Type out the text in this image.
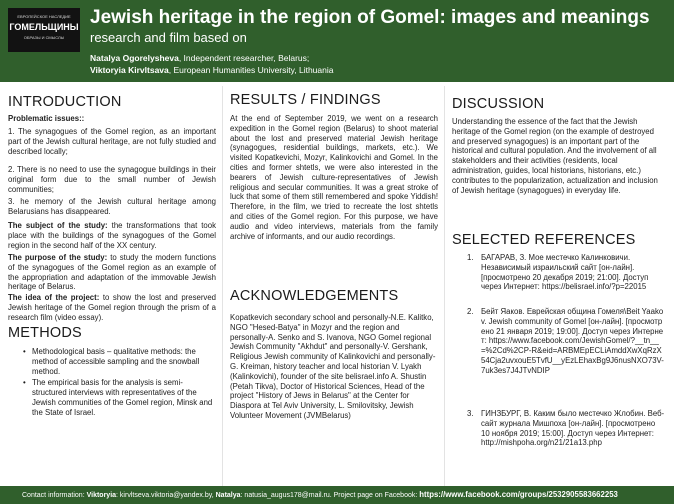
ЕВРОПЕЙСКОЕ НАСЛЕДИЕ
ГОМЕЛЬЩИНЫ
ОБРАЗЫ И СМЫСЛЫ
Jewish heritage in the region of Gomel: images and meanings
research and film based on
Natalya Ogorelysheva, Independent researcher, Belarus;
Viktoryia Kirvltsava, European Humanities University, Lithuania
INTRODUCTION
Problematic issues::
1. The synagogues of the Gomel region, as an important part of the Jewish cultural heritage, are not fully studied and described locally;
2. There is no need to use the synagogue buildings in their original form due to the small number of Jewish communities;
3. he memory of the Jewish cultural heritage among Belarusians has disappeared.
The subject of the study: the transformations that took place with the buildings of the synagogues of the Gomel region in the second half of the XX century.
The purpose of the study: to study the modern functions of the synagogues of the Gomel region as an example of the appropriation and adaptation of the immovable Jewish heritage of Belarus.
The idea of the project: to show the lost and preserved Jewish heritage of the Gomel region through the prism of a research film (video essay).
METHODS
• Methodological basis – qualitative methods: the method of accessible sampling and the snowball method.
• The empirical basis for the analysis is semi-structured interviews with representatives of the Jewish communities of the Gomel region, Minsk and the State of Israel.
RESULTS / FINDINGS
At the end of September 2019, we went on a research expedition in the Gomel region (Belarus) to shoot material about the lost and preserved material Jewish heritage (synagogues, residential buildings, markets, etc.). We visited Kopatkevichi, Mozyr, Kalinkovichi and Gomel. In the cities and former shtetls, we were also interested in the bearers of Jewish culture-representatives of Jewish religious and secular communities. It was a great stroke of luck that some of them still remembered and spoke Yiddish! Therefore, in the film, we tried to recreate the lost shtetls and cities of the Gomel region. For this purpose, we have audio and video interviews, materials from the family archive of informants, and our audio recordings.
ACKNOWLEDGEMENTS
Kopatkevich secondary school and personally-N.E. Kalitko, NGO "Hesed-Batya" in Mozyr and the region and personally-A. Senko and S. Ivanova, NGO Gomel regional Jewish Community "Akhdut" and personally-V. Gershank, Religious Jewish community of Kalinkovichi and personally-G. Kreiman, history teacher and local historian V. Lyakh (Kalinkovichi), founder of the site belisrael.info A. Shustin (Petah Tikva), Doctor of Historical Sciences, Head of the project "History of Jews in Belarus" at the Center for Diaspora at Tel Aviv University, L. Smilovitsky, Jewish Volunteer Movement (JVMBelarus)
DISCUSSION
Understanding the essence of the fact that the Jewish heritage of the Gomel region (on the example of destroyed and preserved synagogues) is an important part of the historical and cultural population. And the involvement of all stakeholders and their activities (residents, local administration, guides, local historians, historians, etc.) contributes to the popularization, actualization and inclusion of Jewish heritage (synagogues) in everyday life.
SELECTED REFERENCES
1. БАГАРАВ, З. Мое местечко Калинковичи. Независимый израильский сайт [он-лайн]. [просмотрено 20 декабря 2019; 21:00]. Доступ через Интернет: https://belisrael.info/?p=22015
2. Бейт Яаков. Еврейская община Гомеля\Beit Yaakov. Jewish community of Gomel [он-лайн]. [просмотрено 21 января 2019; 19:00]. Доступ через Интернет: https://www.facebook.com/JewishGomel/?__tn__=%2Cd%2CP-R&eid=ARBMEpECLiAmddXwXqRzX54Cja2uvxouE5TvfU__yEzLEhaxBg9J6nusNXO73V-7uk3es7J4JTvNDIP
3. ГИНЗБУРГ, В. Каким было местечко Жлобин. Веб-сайт журнала Мишпоха [он-лайн]. [просмотрено 10 ноября 2019; 15:00]. Доступ через Интернет: http://mishpoha.org/n21/21a13.php
Contact information: Viktoryia: kirvltseva.viktoria@yandex.by, Natalya: natusia_augus178@mail.ru. Project page on Facebook: https://www.facebook.com/groups/2532905583662253
